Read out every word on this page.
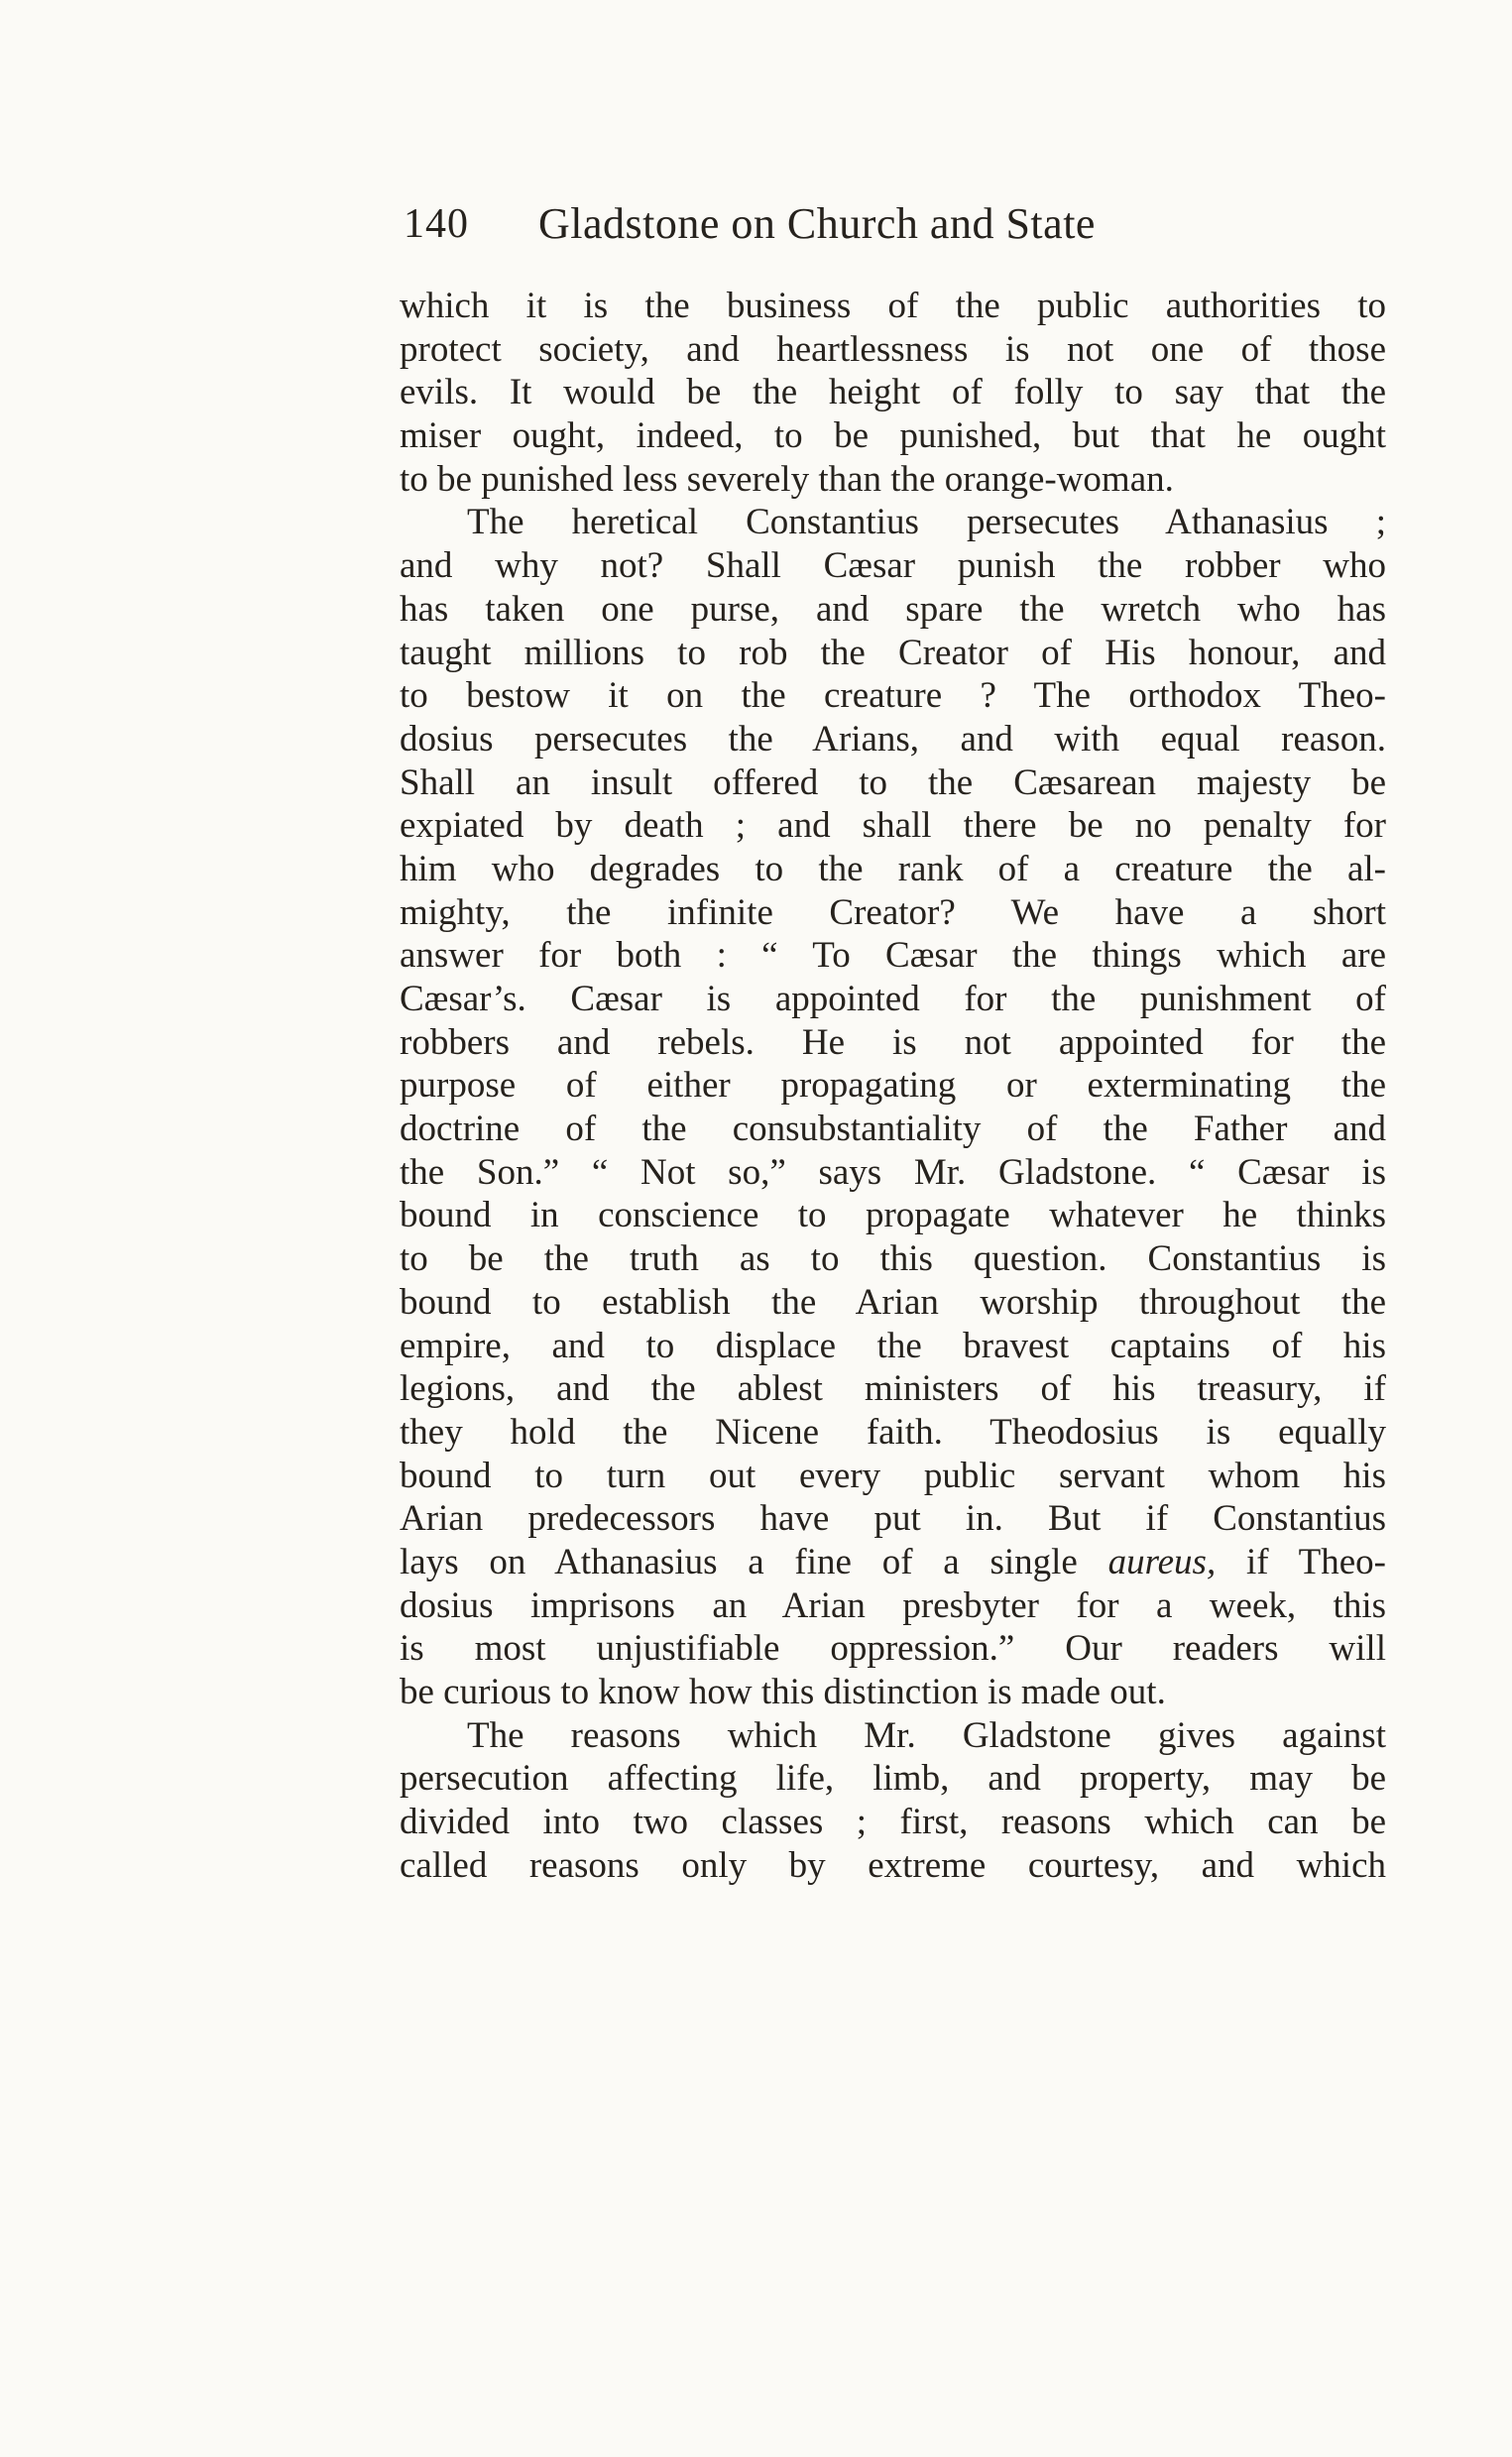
140 Gladstone on Church and State
which it is the business of the public authorities to
protect society, and heartlessness is not one of those
evils. It would be the height of folly to say that the
miser ought, indeed, to be punished, but that he ought
to be punished less severely than the orange-woman.
The heretical Constantius persecutes Athanasius ;
and why not? Shall Cæsar punish the robber who
has taken one purse, and spare the wretch who has
taught millions to rob the Creator of His honour, and
to bestow it on the creature ? The orthodox Theo-
dosius persecutes the Arians, and with equal reason.
Shall an insult offered to the Cæsarean majesty be
expiated by death ; and shall there be no penalty for
him who degrades to the rank of a creature the al-
mighty, the infinite Creator? We have a short
answer for both : “ To Cæsar the things which are
Cæsar’s. Cæsar is appointed for the punishment of
robbers and rebels. He is not appointed for the
purpose of either propagating or exterminating the
doctrine of the consubstantiality of the Father and
the Son.” “ Not so,” says Mr. Gladstone. “ Cæsar is
bound in conscience to propagate whatever he thinks
to be the truth as to this question. Constantius is
bound to establish the Arian worship throughout the
empire, and to displace the bravest captains of his
legions, and the ablest ministers of his treasury, if
they hold the Nicene faith. Theodosius is equally
bound to turn out every public servant whom his
Arian predecessors have put in. But if Constantius
lays on Athanasius a fine of a single aureus, if Theo-
dosius imprisons an Arian presbyter for a week, this
is most unjustifiable oppression.” Our readers will
be curious to know how this distinction is made out.
The reasons which Mr. Gladstone gives against
persecution affecting life, limb, and property, may be
divided into two classes ; first, reasons which can be
called reasons only by extreme courtesy, and which
